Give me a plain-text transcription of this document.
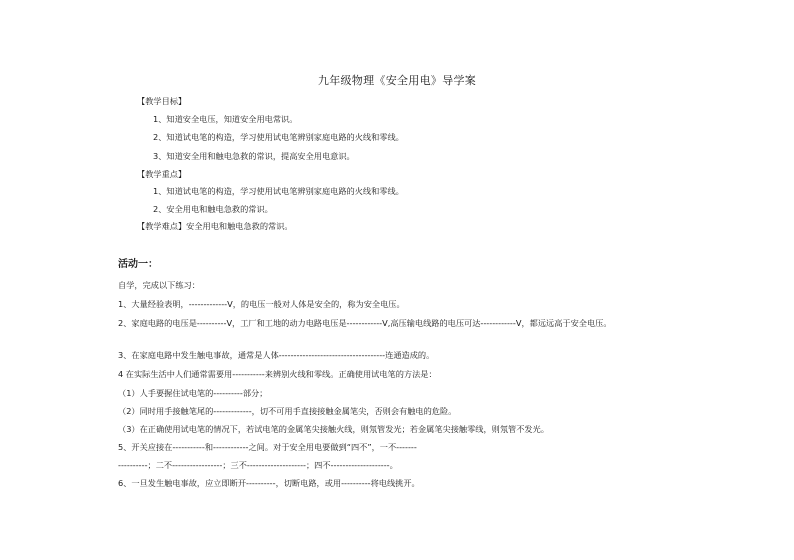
九年级物理《安全用电》导学案
【教学目标】
1、知道安全电压，知道安全用电常识。
2、知道试电笔的构造，学习使用试电笔辨别家庭电路的火线和零线。
3、知道安全用和触电急救的常识，提高安全用电意识。
【教学重点】
1、知道试电笔的构造，学习使用试电笔辨别家庭电路的火线和零线。
2、安全用电和触电急救的常识。
【教学难点】安全用电和触电急救的常识。
活动一：
自学，完成以下练习：
1、大量经验表明，-------------V，的电压一般对人体是安全的，称为安全电压。
2、家庭电路的电压是----------V，工厂和工地的动力电路电压是------------V,高压输电线路的电压可达------------V，都远远高于安全电压。
3、在家庭电路中发生触电事故，通常是人体------------------------------------连通造成的。
4 在实际生活中人们通常需要用-----------来辨别火线和零线。正确使用试电笔的方法是：
（1）人手要握住试电笔的----------部分；
（2）同时用手接触笔尾的-------------，切不可用手直接接触金属笔尖，否则会有触电的危险。
（3）在正确使用试电笔的情况下，若试电笔的金属笔尖接触火线，则氖管发光；若金属笔尖接触零线，则氖管不发光。
5、开关应接在-----------和------------之间。对于安全用电要做到“四不”，一不-------
----------；二不-----------------；三不--------------------；四不--------------------。
6、一旦发生触电事故，应立即断开----------，切断电路，或用----------将电线挑开。
